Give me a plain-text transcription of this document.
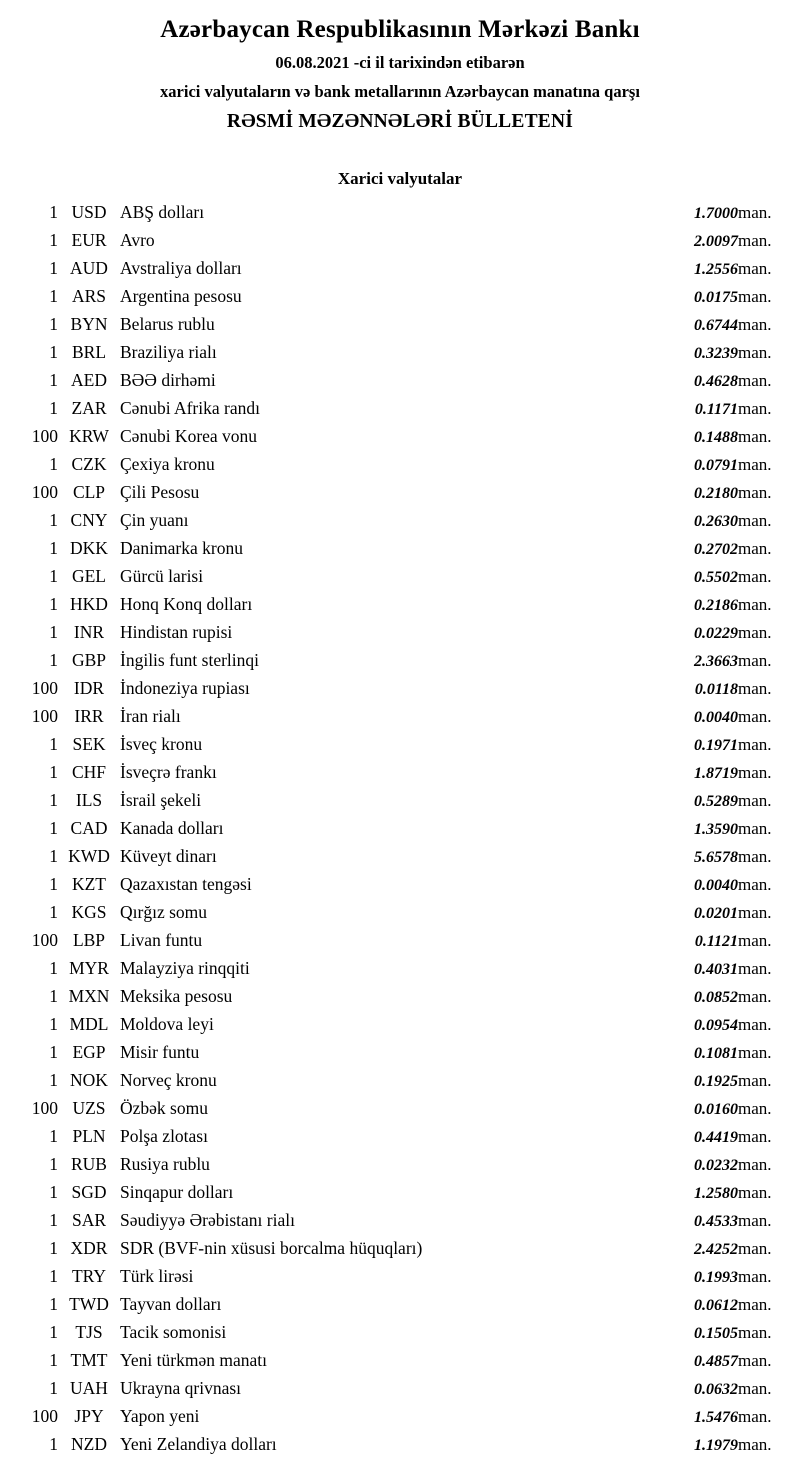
Azərbaycan Respublikasının Mərkəzi Bankı
06.08.2021 -ci il tarixindən etibarən
xarici valyutaların və bank metallarının Azərbaycan manatına qarşı
RƏSMİ MƏZƏNNƏLƏRİ BÜLLETENİ
Xarici valyutalar
1	USD	ABŞ dolları	1.7000	man.
1	EUR	Avro	2.0097	man.
1	AUD	Avstraliya dolları	1.2556	man.
1	ARS	Argentina pesosu	0.0175	man.
1	BYN	Belarus rublu	0.6744	man.
1	BRL	Braziliya rialı	0.3239	man.
1	AED	BƏƏ dirhəmi	0.4628	man.
1	ZAR	Cənubi Afrika randı	0.1171	man.
100	KRW	Cənubi Korea vonu	0.1488	man.
1	CZK	Çexiya kronu	0.0791	man.
100	CLP	Çili Pesosu	0.2180	man.
1	CNY	Çin yuanı	0.2630	man.
1	DKK	Danimarka kronu	0.2702	man.
1	GEL	Gürcü larisi	0.5502	man.
1	HKD	Honq Konq dolları	0.2186	man.
1	INR	Hindistan rupisi	0.0229	man.
1	GBP	İngilis funt sterlinqi	2.3663	man.
100	IDR	İndoneziya rupiası	0.0118	man.
100	IRR	İran rialı	0.0040	man.
1	SEK	İsveç kronu	0.1971	man.
1	CHF	İsveçrə frankı	1.8719	man.
1	ILS	İsrail şekeli	0.5289	man.
1	CAD	Kanada dolları	1.3590	man.
1	KWD	Küveyt dinarı	5.6578	man.
1	KZT	Qazaxıstan tengəsi	0.0040	man.
1	KGS	Qırğız somu	0.0201	man.
100	LBP	Livan funtu	0.1121	man.
1	MYR	Malayziya rinqqiti	0.4031	man.
1	MXN	Meksika pesosu	0.0852	man.
1	MDL	Moldova leyi	0.0954	man.
1	EGP	Misir funtu	0.1081	man.
1	NOK	Norveç kronu	0.1925	man.
100	UZS	Özbək somu	0.0160	man.
1	PLN	Polşa zlotası	0.4419	man.
1	RUB	Rusiya rublu	0.0232	man.
1	SGD	Sinqapur dolları	1.2580	man.
1	SAR	Səudiyyə Ərəbistanı rialı	0.4533	man.
1	XDR	SDR (BVF-nin xüsusi borcalma hüquqları)	2.4252	man.
1	TRY	Türk lirəsi	0.1993	man.
1	TWD	Tayvan dolları	0.0612	man.
1	TJS	Tacik somonisi	0.1505	man.
1	TMT	Yeni türkmən manatı	0.4857	man.
1	UAH	Ukrayna qrivnası	0.0632	man.
100	JPY	Yapon yeni	1.5476	man.
1	NZD	Yeni Zelandiya dolları	1.1979	man.
